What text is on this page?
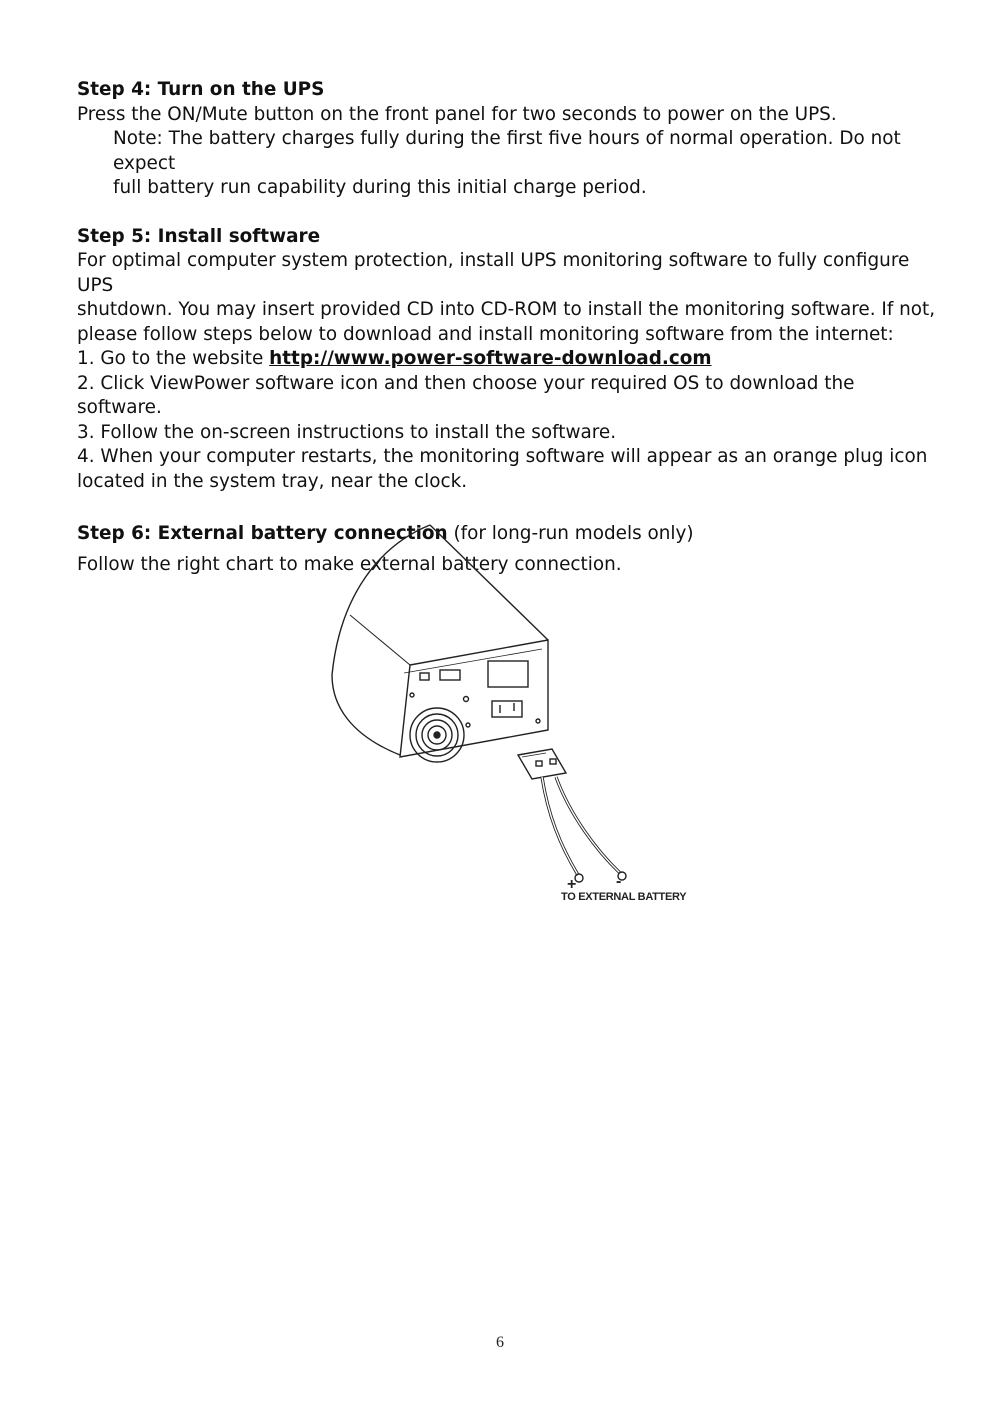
Step 4: Turn on the UPS

Press the ON/Mute button on the front panel for two seconds to power on the UPS.

Note: The battery charges fully during the first five hours of normal operation. Do not expect

full battery run capability during this initial charge period.

Step 5: Install software

For optimal computer system protection, install UPS monitoring software to fully configure UPS

shutdown. You may insert provided CD into CD-ROM to install the monitoring software. If not,

please follow steps below to download and install monitoring software from the internet:

1. Go to the website http://www.power-software-download.com

2. Click ViewPower software icon and then choose your required OS to download the software.

3. Follow the on-screen instructions to install the software.

4. When your computer restarts, the monitoring software will appear as an orange plug icon

located in the system tray, near the clock.

Step 6: External battery connection (for long-run models only)

Follow the right chart to make external battery connection.

+ -
TO EXTERNAL BATTERY
6
